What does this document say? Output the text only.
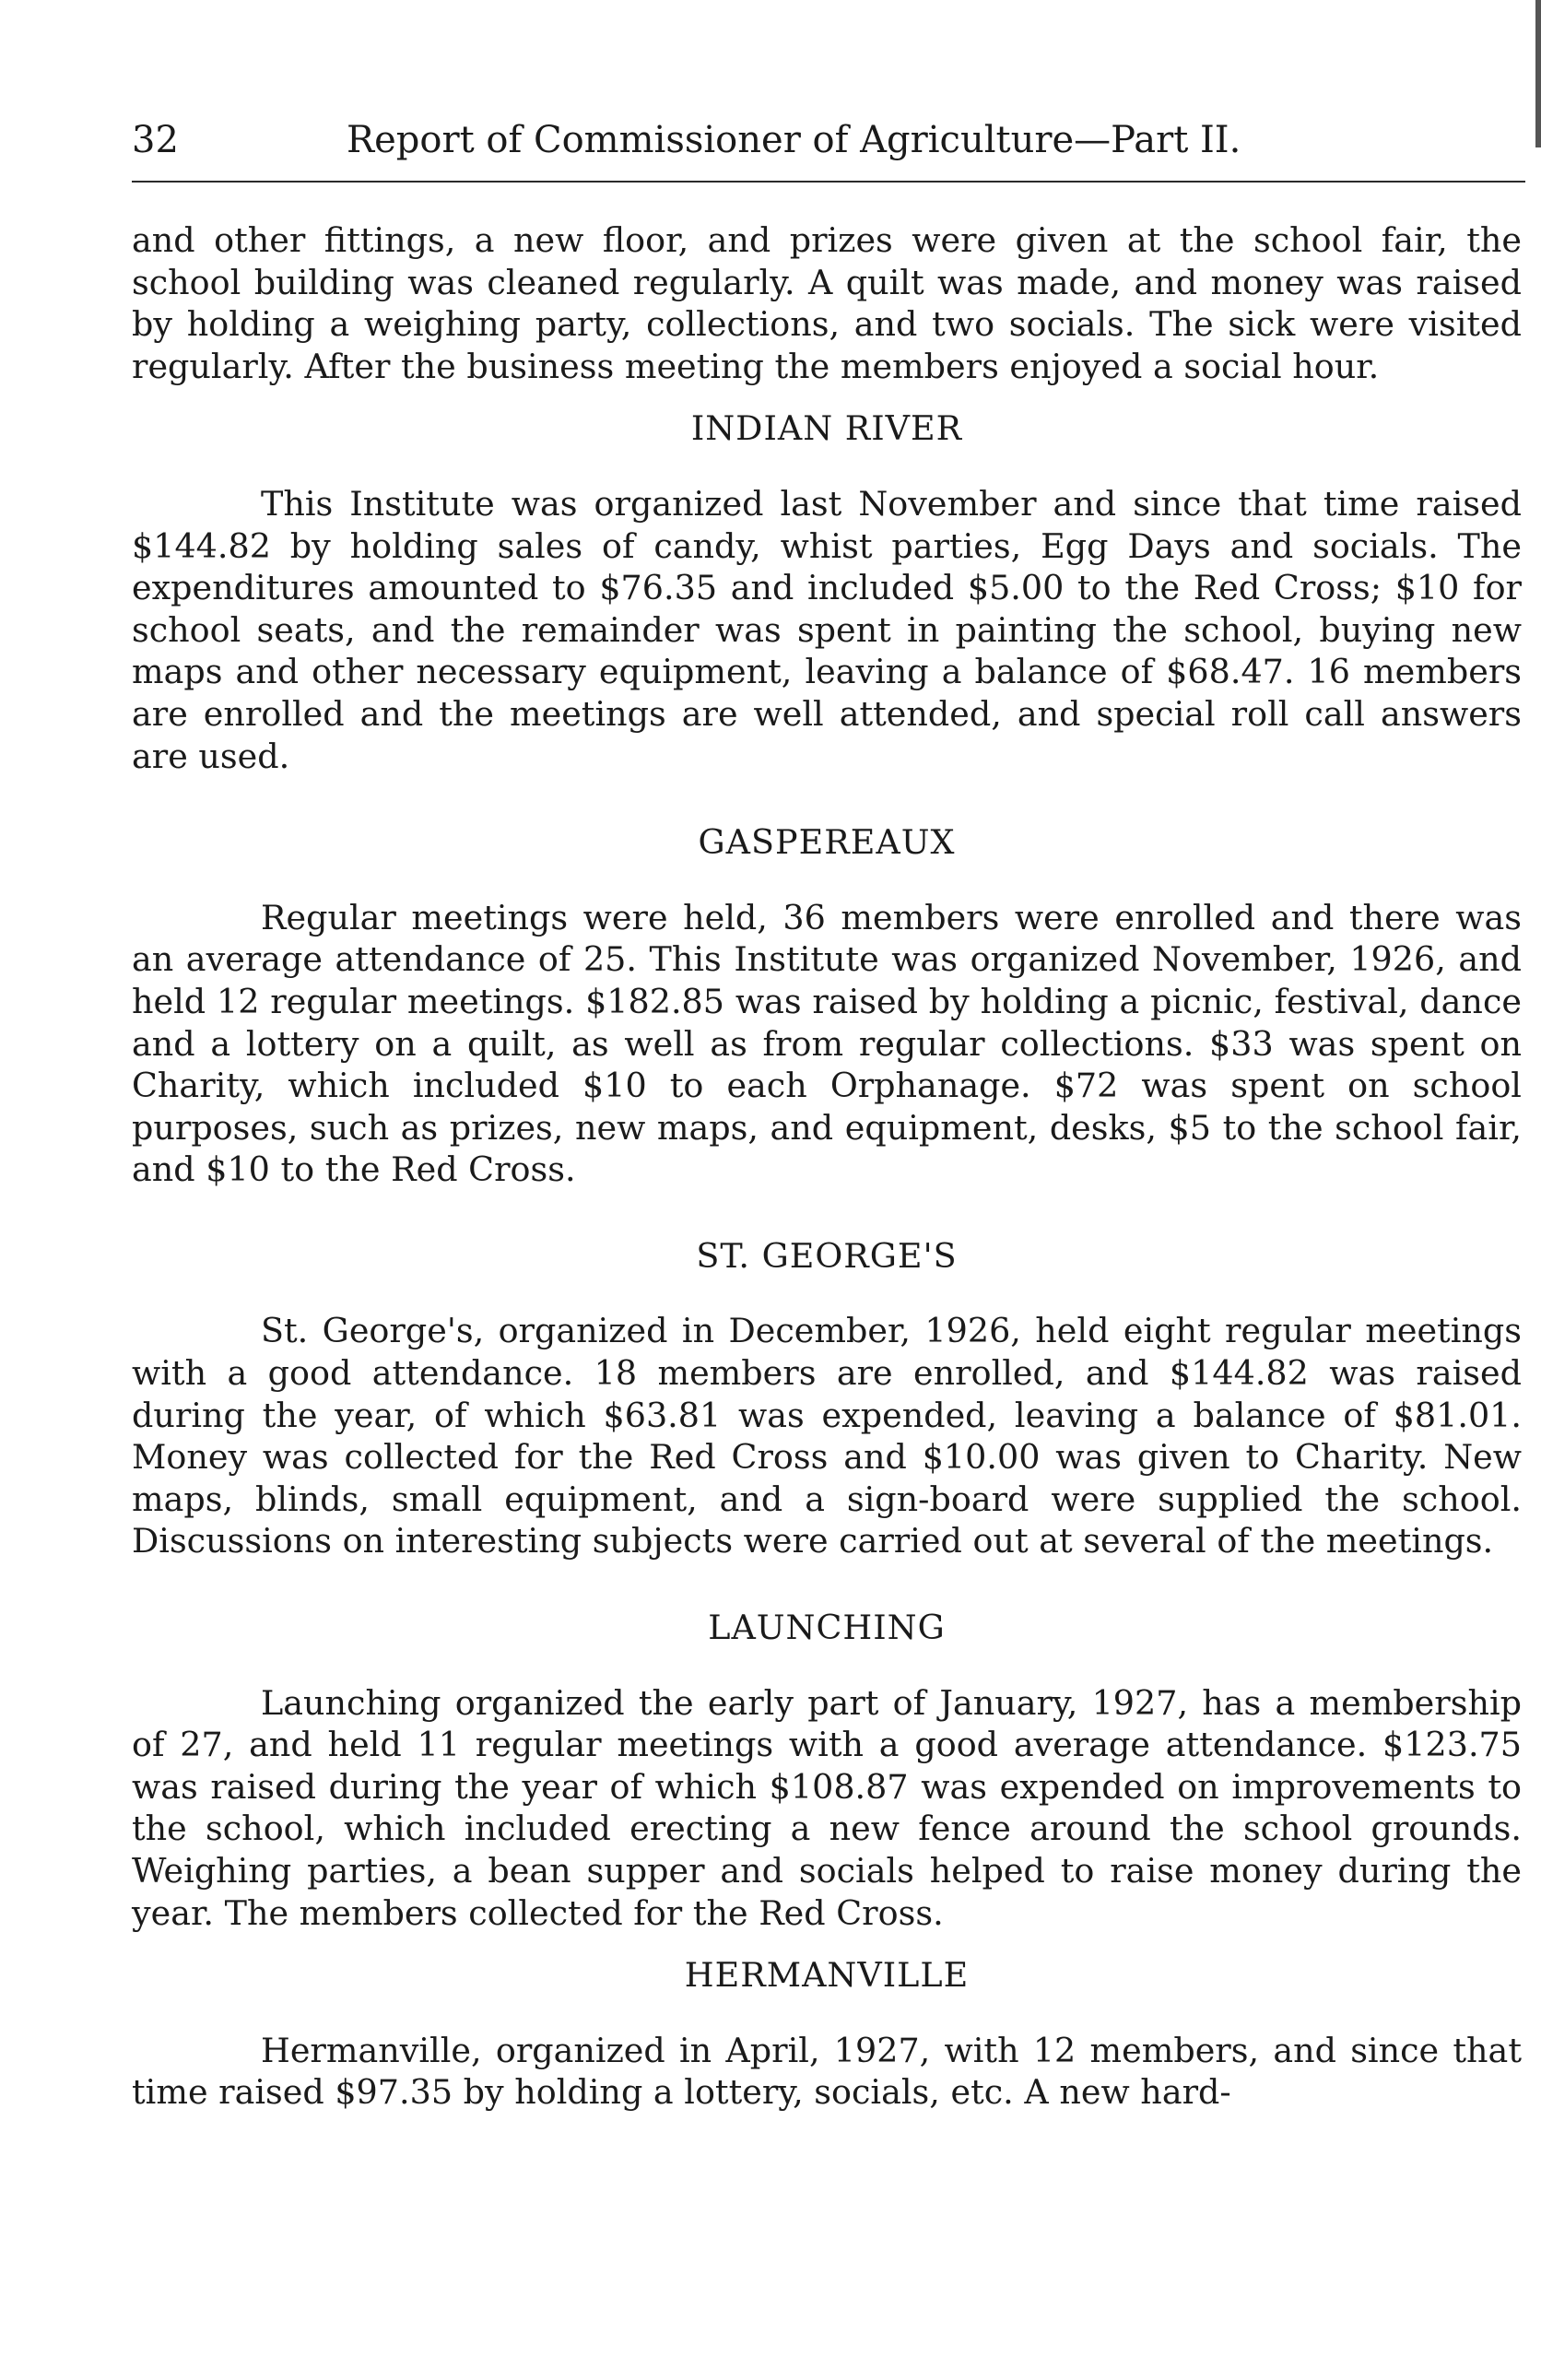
32	Report of Commissioner of Agriculture—Part II.

and other fittings, a new floor, and prizes were given at the school fair, the school building was cleaned regularly. A quilt was made, and money was raised by holding a weighing party, collections, and two socials. The sick were visited regularly. After the business meeting the members enjoyed a social hour.

INDIAN RIVER

This Institute was organized last November and since that time raised $144.82 by holding sales of candy, whist parties, Egg Days and socials. The expenditures amounted to $76.35 and included $5.00 to the Red Cross; $10 for school seats, and the remainder was spent in painting the school, buying new maps and other necessary equipment, leaving a balance of $68.47. 16 members are enrolled and the meetings are well attended, and special roll call answers are used.

GASPEREAUX

Regular meetings were held, 36 members were enrolled and there was an average attendance of 25. This Institute was organized November, 1926, and held 12 regular meetings. $182.85 was raised by holding a picnic, festival, dance and a lottery on a quilt, as well as from regular collections. $33 was spent on Charity, which included $10 to each Orphanage. $72 was spent on school purposes, such as prizes, new maps, and equipment, desks, $5 to the school fair, and $10 to the Red Cross.

ST. GEORGE'S

St. George's, organized in December, 1926, held eight regular meetings with a good attendance. 18 members are enrolled, and $144.82 was raised during the year, of which $63.81 was expended, leaving a balance of $81.01. Money was collected for the Red Cross and $10.00 was given to Charity. New maps, blinds, small equipment, and a sign-board were supplied the school. Discussions on interesting subjects were carried out at several of the meetings.

LAUNCHING

Launching organized the early part of January, 1927, has a membership of 27, and held 11 regular meetings with a good average attendance. $123.75 was raised during the year of which $108.87 was expended on improvements to the school, which included erecting a new fence around the school grounds. Weighing parties, a bean supper and socials helped to raise money during the year. The members collected for the Red Cross.

HERMANVILLE

Hermanville, organized in April, 1927, with 12 members, and since that time raised $97.35 by holding a lottery, socials, etc. A new hard-
